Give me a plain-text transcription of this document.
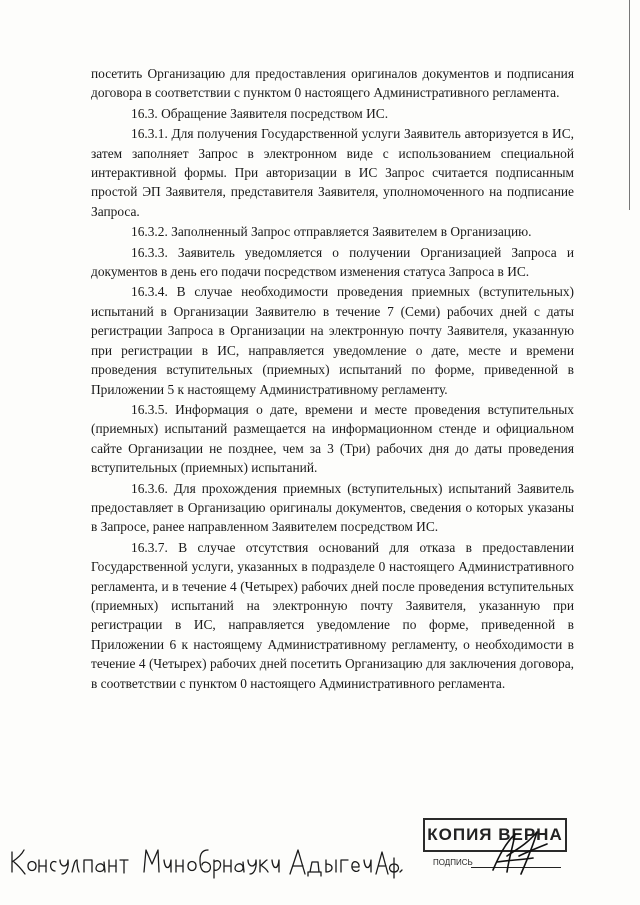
посетить Организацию для предоставления оригиналов документов и подписания договора в соответствии с пунктом 0 настоящего Административного регламента.

16.3. Обращение Заявителя посредством ИС.

16.3.1. Для получения Государственной услуги Заявитель авторизуется в ИС, затем заполняет Запрос в электронном виде с использованием специальной интерактивной формы. При авторизации в ИС Запрос считается подписанным простой ЭП Заявителя, представителя Заявителя, уполномоченного на подписание Запроса.

16.3.2. Заполненный Запрос отправляется Заявителем в Организацию.

16.3.3. Заявитель уведомляется о получении Организацией Запроса и документов в день его подачи посредством изменения статуса Запроса в ИС.

16.3.4. В случае необходимости проведения приемных (вступительных) испытаний в Организации Заявителю в течение 7 (Семи) рабочих дней с даты регистрации Запроса в Организации на электронную почту Заявителя, указанную при регистрации в ИС, направляется уведомление о дате, месте и времени проведения вступительных (приемных) испытаний по форме, приведенной в Приложении 5 к настоящему Административному регламенту.

16.3.5. Информация о дате, времени и месте проведения вступительных (приемных) испытаний размещается на информационном стенде и официальном сайте Организации не позднее, чем за 3 (Три) рабочих дня до даты проведения вступительных (приемных) испытаний.

16.3.6. Для прохождения приемных (вступительных) испытаний Заявитель предоставляет в Организацию оригиналы документов, сведения о которых указаны в Запросе, ранее направленном Заявителем посредством ИС.

16.3.7. В случае отсутствия оснований для отказа в предоставлении Государственной услуги, указанных в подразделе 0 настоящего Административного регламента, и в течение 4 (Четырех) рабочих дней после проведения вступительных (приемных) испытаний на электронную почту Заявителя, указанную при регистрации в ИС, направляется уведомление по форме, приведенной в Приложении 6 к настоящему Административному регламенту, о необходимости в течение 4 (Четырех) рабочих дней посетить Организацию для заключения договора, в соответствии с пунктом 0 настоящего Административного регламента.

КОПИЯ ВЕРНА
ПОДПИСЬ
